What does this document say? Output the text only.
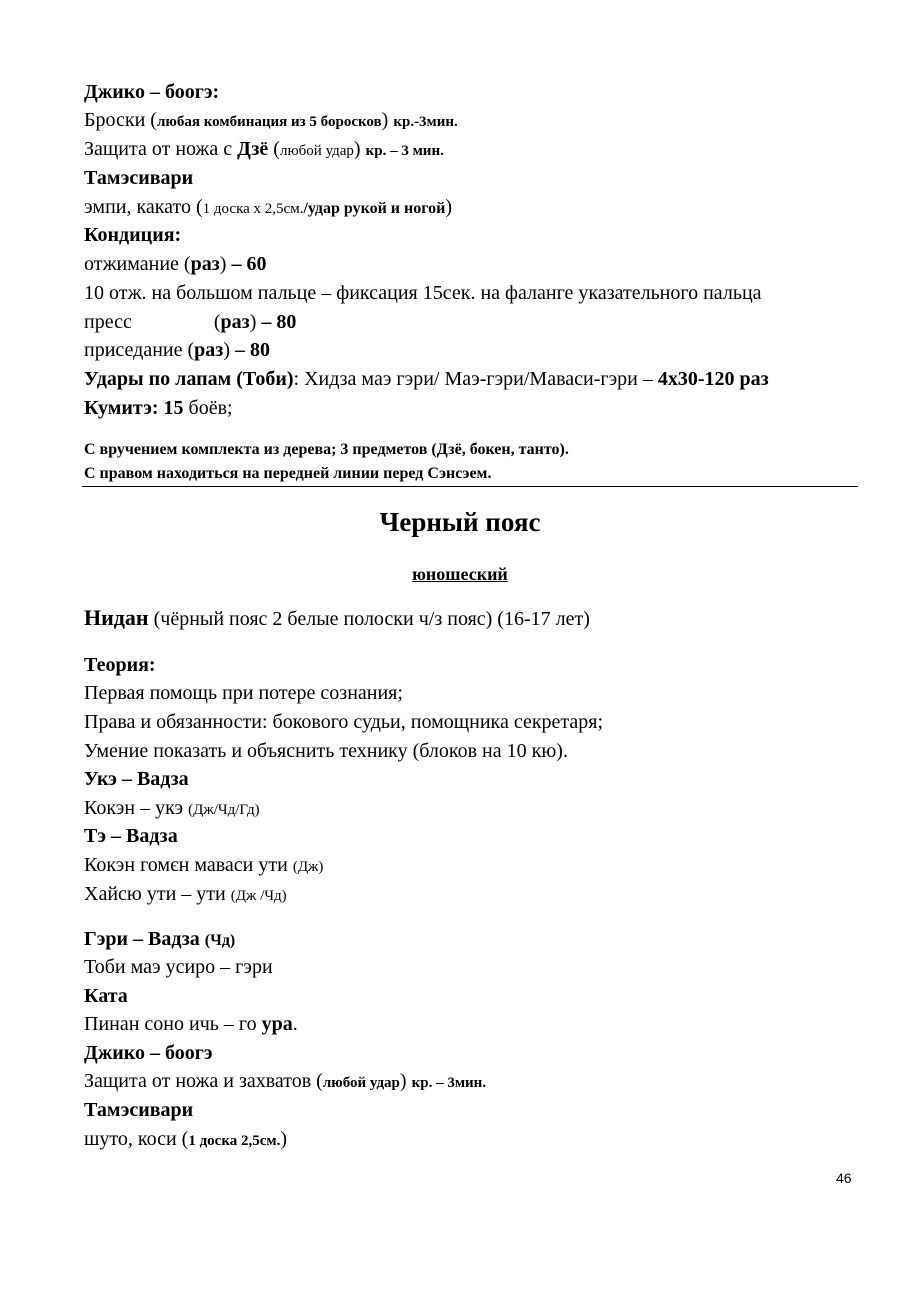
Джико – боогэ:
Броски (любая комбинация из 5 боросков) кр.-3мин.
Защита от ножа с Дзё (любой удар) кр. – 3 мин.
Тамэсивари
эмпи, какато (1 доска х 2,5см./удар рукой и ногой)
Кондиция:
отжимание (раз) – 60
10 отж. на большом пальце – фиксация 15сек. на фаланге указательного пальца
пресс	(раз) – 80
приседание (раз) – 80
Удары по лапам (Тоби): Хидза маэ гэри/ Маэ-гэри/Маваси-гэри – 4х30-120 раз
Кумитэ: 15 боёв;
С вручением комплекта из дерева; 3 предметов (Дзё, бокен, танто).
С правом находиться на передней линии перед Сэнсэем.
Черный пояс
юношеский
Нидан (чёрный пояс 2 белые полоски ч/з пояс) (16-17 лет)
Теория:
Первая помощь при потере сознания;
Права и обязанности: бокового судьи, помощника секретаря;
Умение показать и объяснить технику (блоков на 10 кю).
Укэ – Вадза
Кокэн – укэ (Дж/Чд/Гд)
Тэ – Вадза
Кокэн гомєн маваси ути (Дж)
Хайсю ути – ути (Дж /Чд)
Гэри – Вадза (Чд)
Тоби маэ усиро – гэри
Ката
Пинан соно ичь – го ура.
Джико – боогэ
Защита от ножа и захватов (любой удар) кр. – 3мин.
Тамэсивари
шуто, коси (1 доска 2,5см.)
46
